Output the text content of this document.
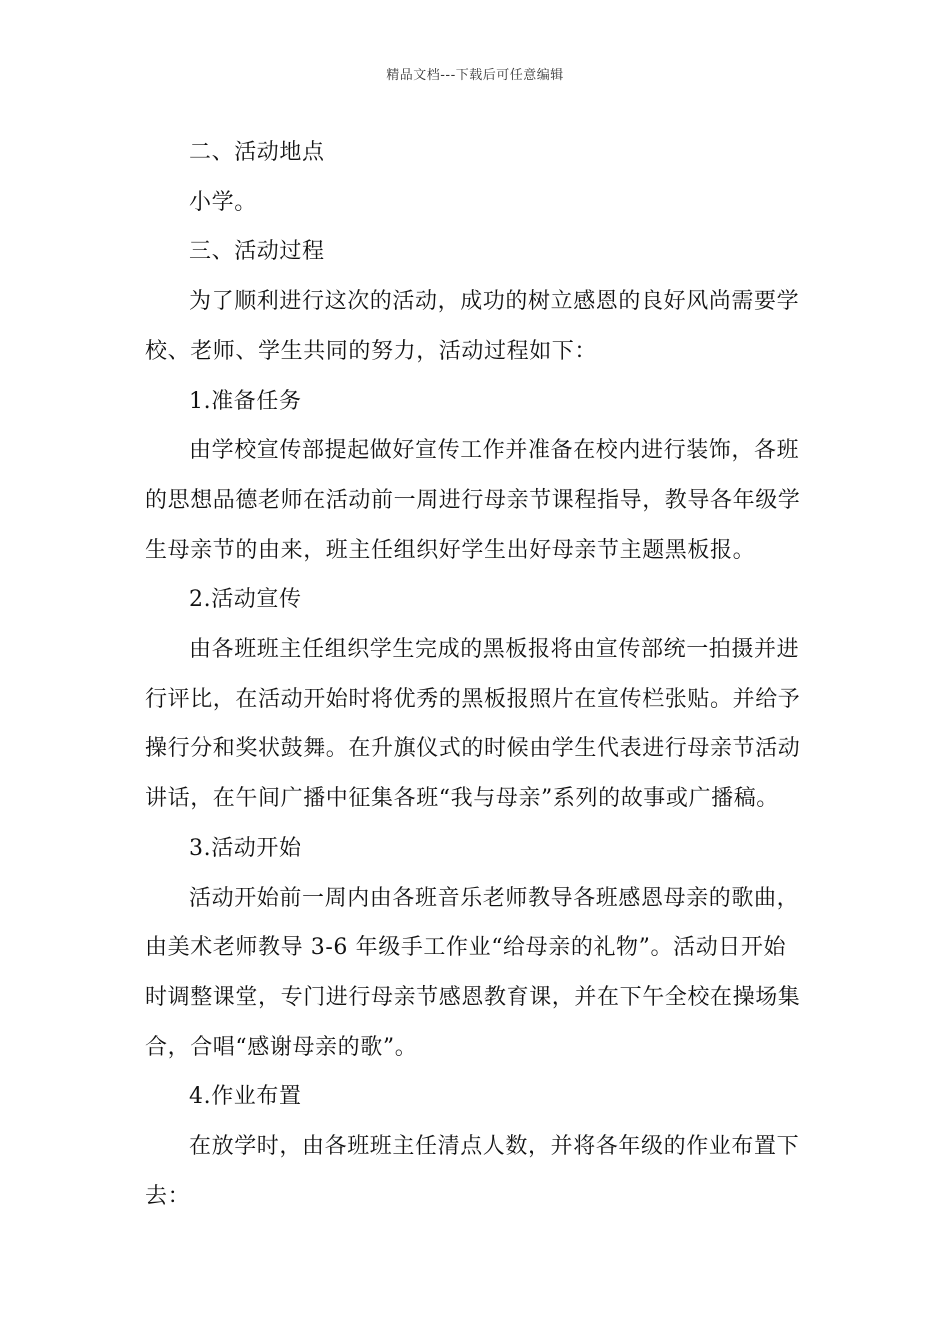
精品文档---下载后可任意编辑
二、活动地点
小学。
三、活动过程
为了顺利进行这次的活动，成功的树立感恩的良好风尚需要学
校、老师、学生共同的努力，活动过程如下：
1.准备任务
由学校宣传部提起做好宣传工作并准备在校内进行装饰，各班
的思想品德老师在活动前一周进行母亲节课程指导，教导各年级学
生母亲节的由来，班主任组织好学生出好母亲节主题黑板报。
2.活动宣传
由各班班主任组织学生完成的黑板报将由宣传部统一拍摄并进
行评比，在活动开始时将优秀的黑板报照片在宣传栏张贴。并给予
操行分和奖状鼓舞。在升旗仪式的时候由学生代表进行母亲节活动
讲话，在午间广播中征集各班“我与母亲”系列的故事或广播稿。
3.活动开始
活动开始前一周内由各班音乐老师教导各班感恩母亲的歌曲，
由美术老师教导 3-6 年级手工作业“给母亲的礼物”。活动日开始
时调整课堂，专门进行母亲节感恩教育课，并在下午全校在操场集
合，合唱“感谢母亲的歌”。
4.作业布置
在放学时，由各班班主任清点人数，并将各年级的作业布置下
去：
